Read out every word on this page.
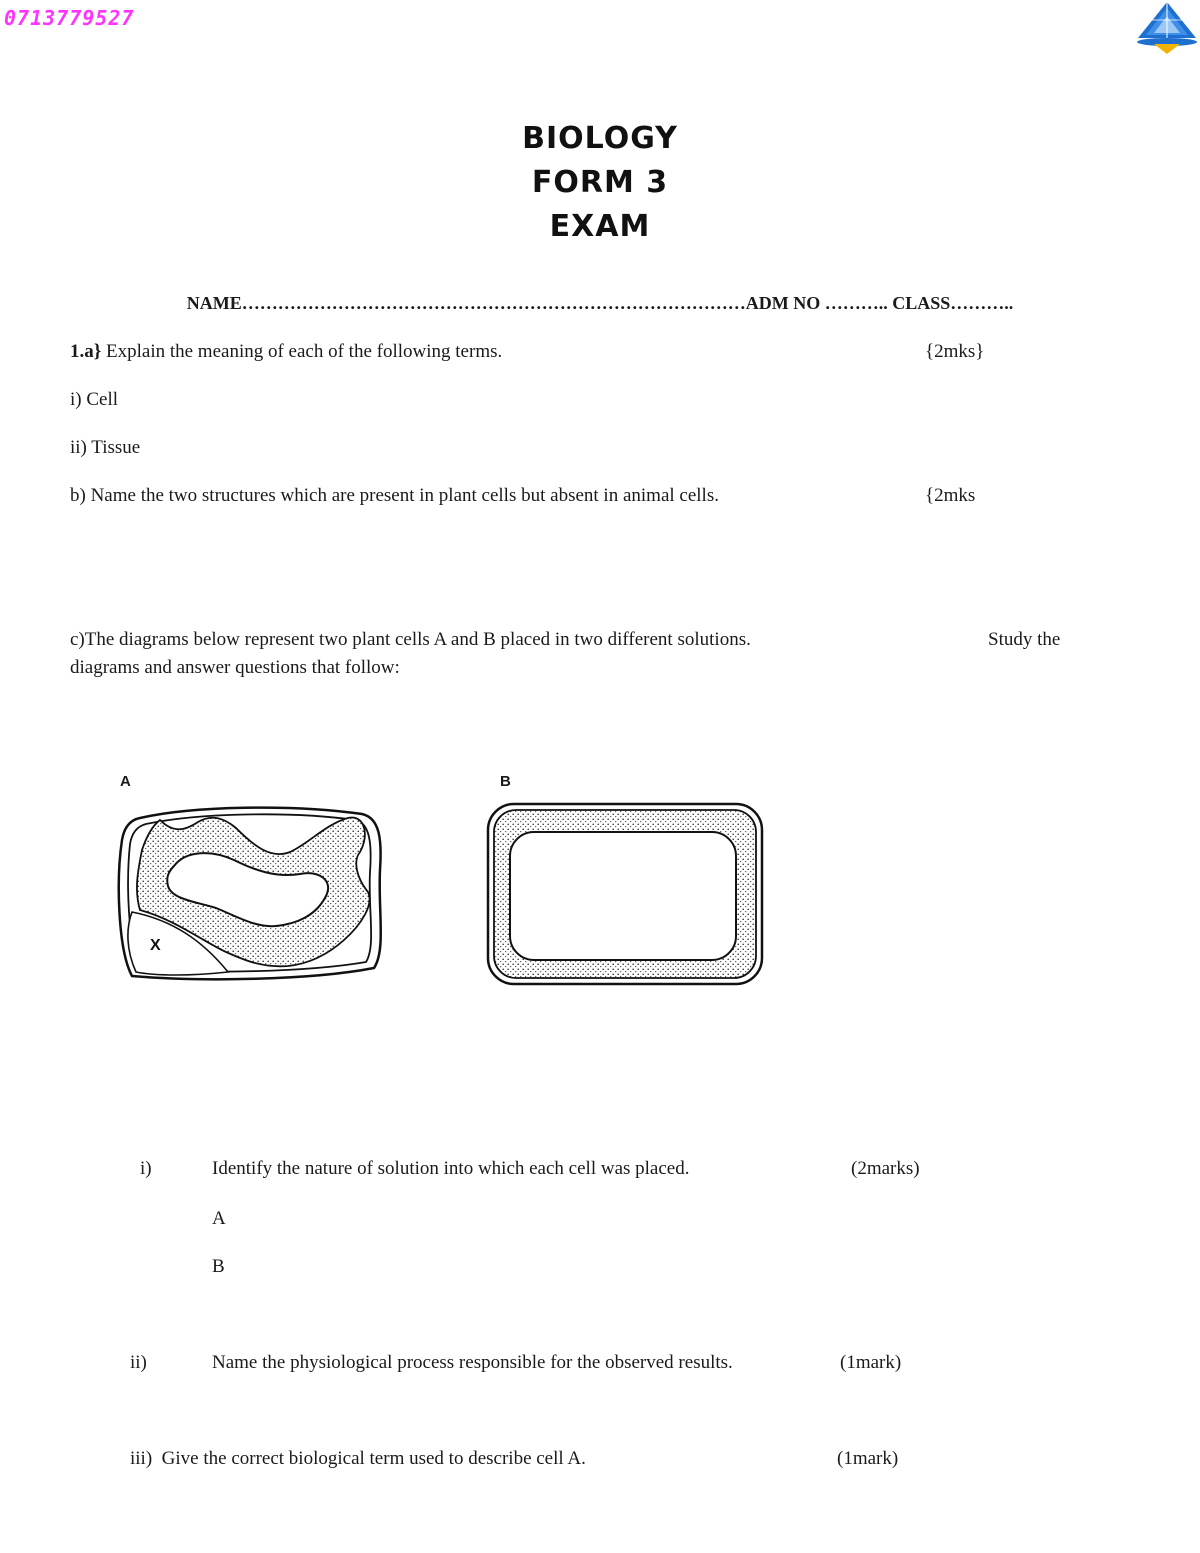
0713779527
BIOLOGY
FORM 3
EXAM
NAME…………………………………………………………………………ADM NO ……….. CLASS………..
1.a} Explain the meaning of each of the following terms.	{2mks}
i) Cell
ii) Tissue
b) Name the two structures which are present in plant cells but absent in animal cells.	{2mks
c)The diagrams below represent two plant cells A and B placed in two different solutions.	Study the
diagrams and answer questions that follow:
A	B
X
i)	Identify the nature of solution into which each cell was placed.	(2marks)
A
B
ii)	Name the physiological process responsible for the observed results.	(1mark)
iii) Give the correct biological term used to describe cell A.	(1mark)
